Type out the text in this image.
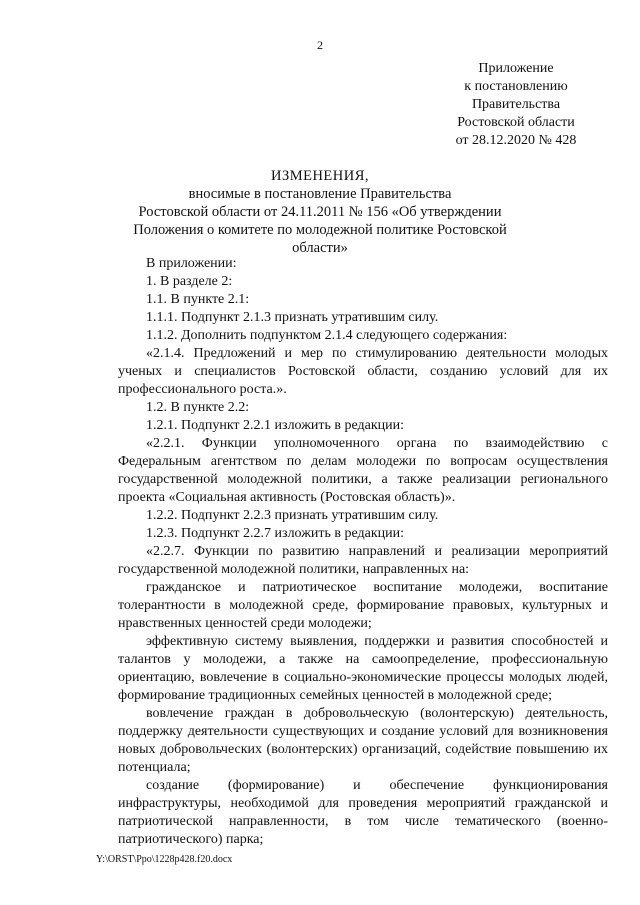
2
Приложение
к постановлению
Правительства
Ростовской области
от 28.12.2020 № 428
ИЗМЕНЕНИЯ,
вносимые в постановление Правительства
Ростовской области от 24.11.2011 № 156 «Об утверждении
Положения о комитете по молодежной политике Ростовской области»

В приложении:

1. В разделе 2:

1.1. В пункте 2.1:

1.1.1. Подпункт 2.1.3 признать утратившим силу.

1.1.2. Дополнить подпунктом 2.1.4 следующего содержания:

«2.1.4. Предложений и мер по стимулированию деятельности молодых ученых и специалистов Ростовской области, созданию условий для их профессионального роста.».

1.2. В пункте 2.2:

1.2.1. Подпункт 2.2.1 изложить в редакции:

«2.2.1. Функции уполномоченного органа по взаимодействию с Федеральным агентством по делам молодежи по вопросам осуществления государственной молодежной политики, а также реализации регионального проекта «Социальная активность (Ростовская область)».

1.2.2. Подпункт 2.2.3 признать утратившим силу.

1.2.3. Подпункт 2.2.7 изложить в редакции:

«2.2.7. Функции по развитию направлений и реализации мероприятий государственной молодежной политики, направленных на:

гражданское и патриотическое воспитание молодежи, воспитание толерантности в молодежной среде, формирование правовых, культурных и нравственных ценностей среди молодежи;

эффективную систему выявления, поддержки и развития способностей и талантов у молодежи, а также на самоопределение, профессиональную ориентацию, вовлечение в социально-экономические процессы молодых людей, формирование традиционных семейных ценностей в молодежной среде;

вовлечение граждан в добровольческую (волонтерскую) деятельность, поддержку деятельности существующих и создание условий для возникновения новых добровольческих (волонтерских) организаций, содействие повышению их потенциала;

создание (формирование) и обеспечение функционирования инфраструктуры, необходимой для проведения мероприятий гражданской и патриотической направленности, в том числе тематического (военно-патриотического) парка;

Y:\ORST\Ppo\1228p428.f20.docx
